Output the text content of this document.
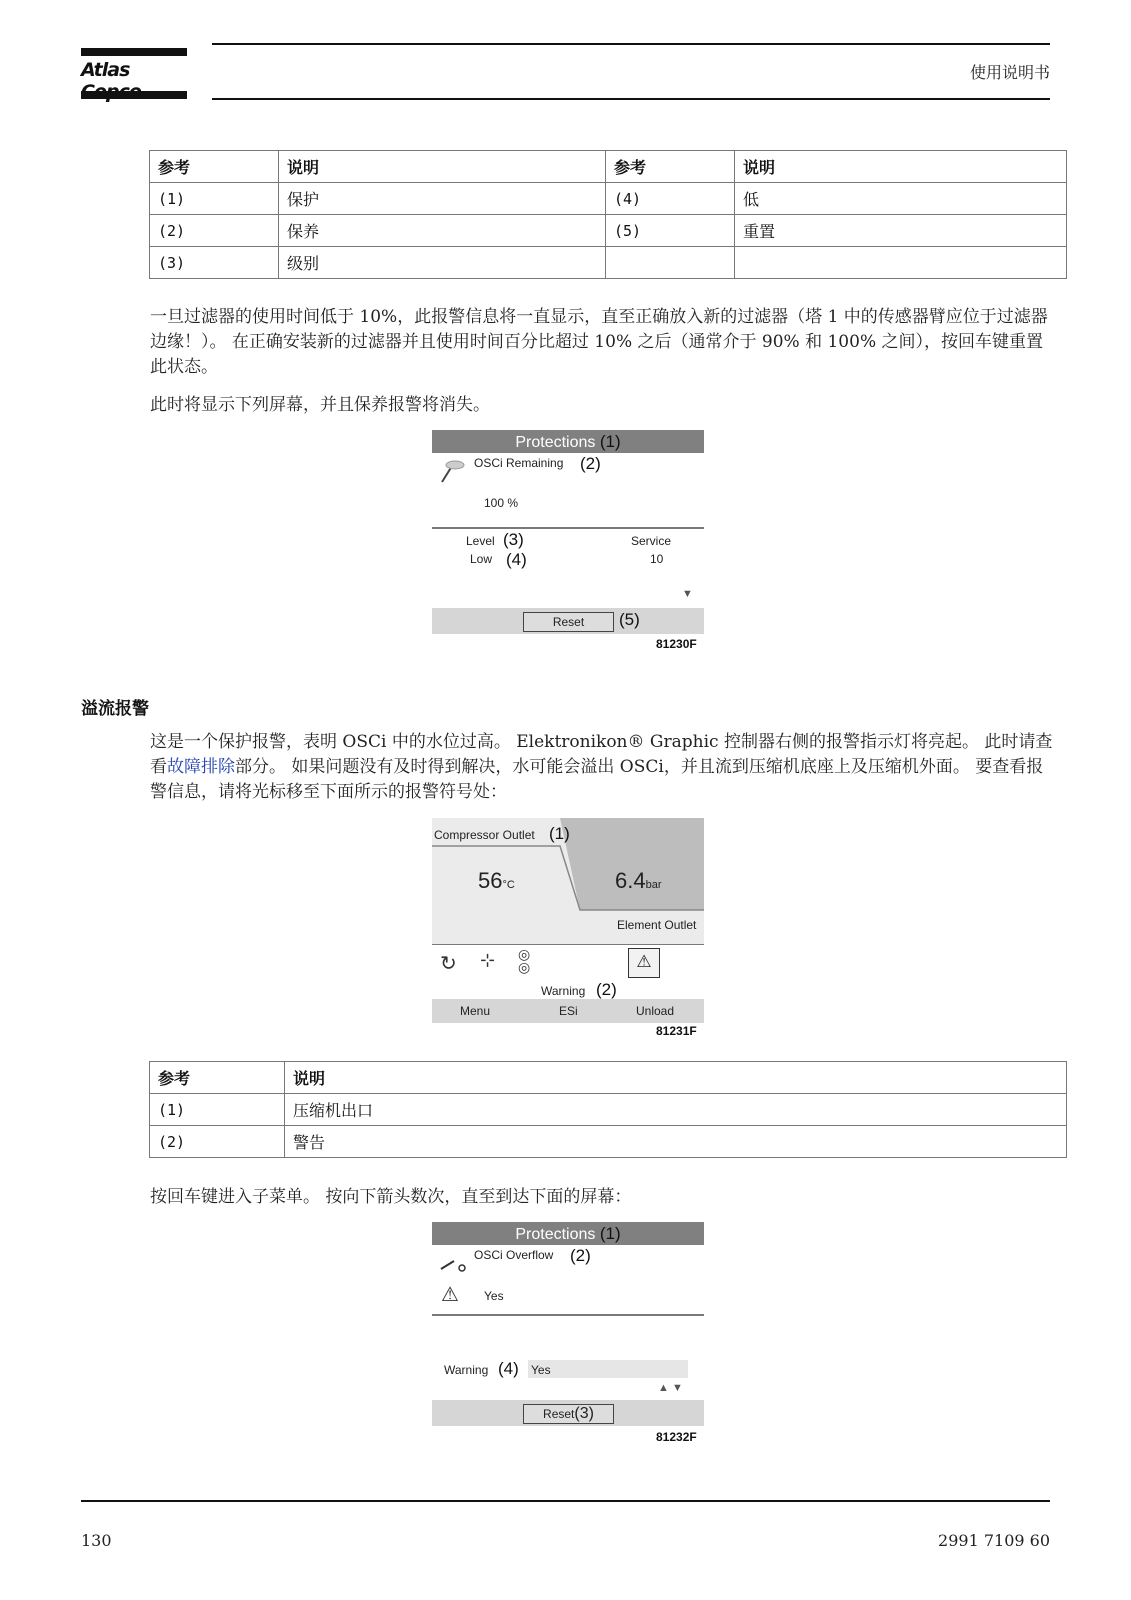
Atlas	使用说明书
参考	说明	参考	说明
(1)	保护	(4)	低
(2)	保养	(5)	重置
(3)	级别		
一旦过滤器的使用时间低于 10%，此报警信息将一直显示，直至正确放入新的过滤器（塔 1 中的传感器臂应位于过滤器边缘！）。 在正确安装新的过滤器并且使用时间百分比超过 10% 之后（通常介于 90% 和 100% 之间），按回车键重置此状态。
此时将显示下列屏幕，并且保养报警将消失。
Protections (1)
OSCi Remaining (2)
100 %
Level (3)
Low (4)
Service
10
▼
Reset	(5)
81230F
溢流报警
这是一个保护报警，表明 OSCi 中的水位过高。 Elektronikon® Graphic 控制器右侧的报警指示灯将亮起。 此时请查看故障排除部分。 如果问题没有及时得到解决，水可能会溢出 OSCi，并且流到压缩机底座上及压缩机外面。 要查看报警信息，请将光标移至下面所示的报警符号处：
Compressor Outlet (1)
56°C	6.4bar
Element Outlet
↻ ⊹ ◎
◎	⚠
Warning (2)
Menu	ESi	Unload
81231F
参考	说明
(1)	压缩机出口
(2)	警告
按回车键进入子菜单。 按向下箭头数次，直至到达下面的屏幕：
Protections (1)
OSCi Overflow (2)
⚠ Yes
Warning (4) Yes
▲ ▼
Reset(3)
81232F
130	2991 7109 60
